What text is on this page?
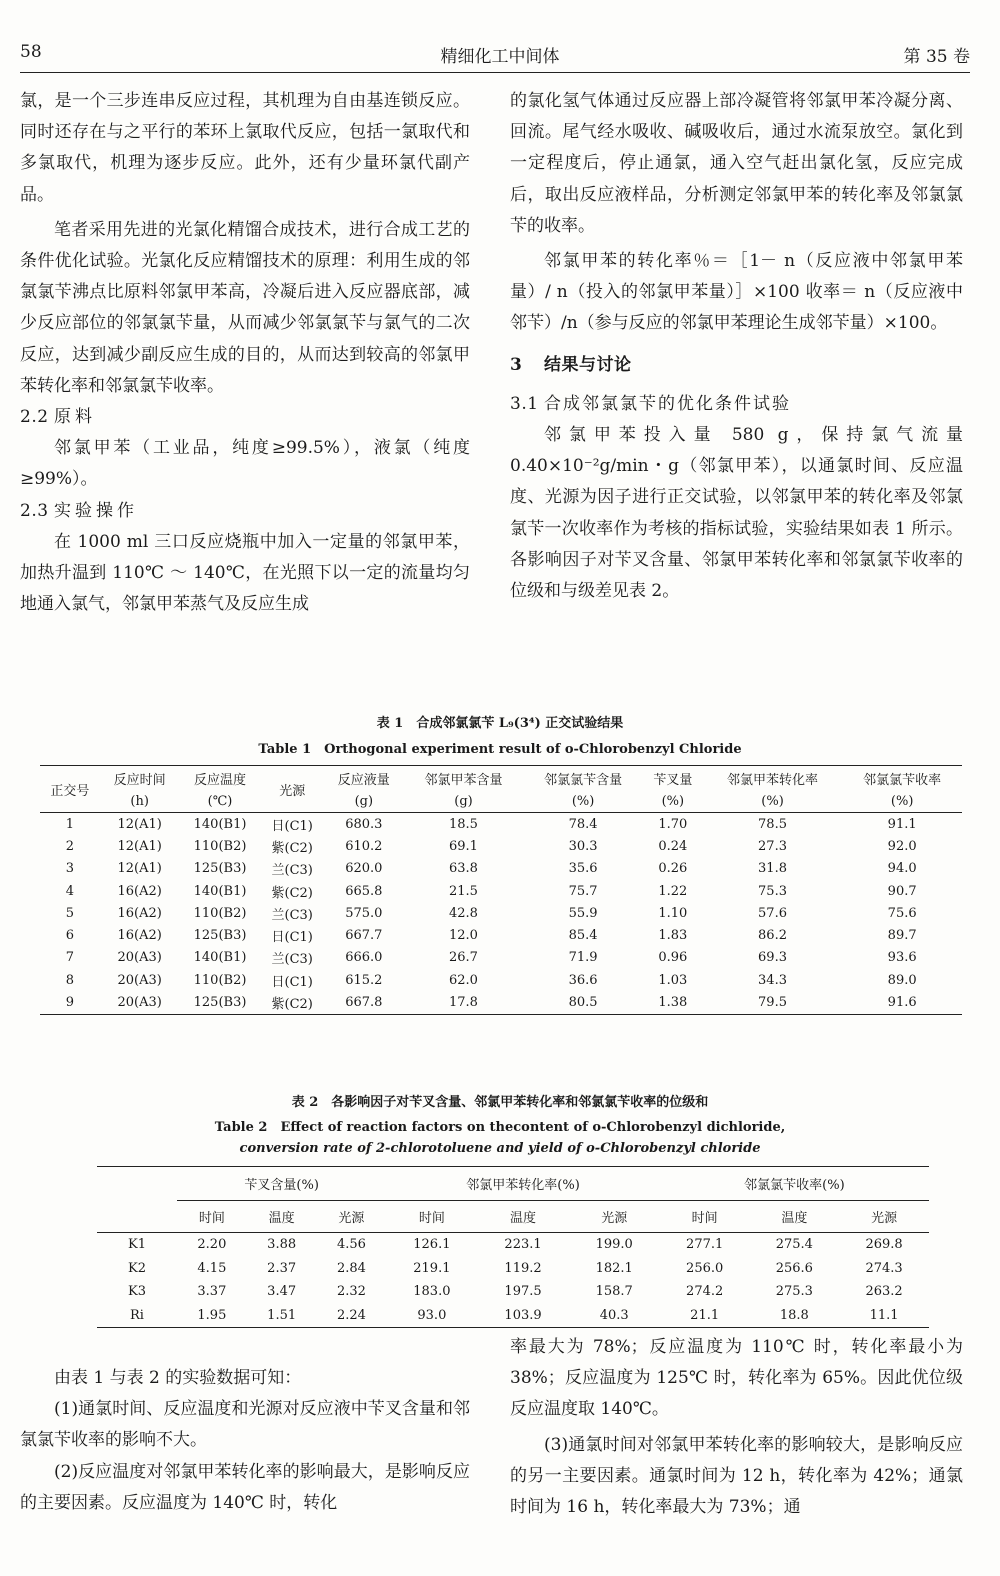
58	精细化工中间体	第 35 卷

氯，是一个三步连串反应过程，其机理为自由基连锁反应。同时还存在与之平行的苯环上氯取代反应，包括一氯取代和多氯取代，机理为逐步反应。此外，还有少量环氯代副产品。

笔者采用先进的光氯化精馏合成技术，进行合成工艺的条件优化试验。光氯化反应精馏技术的原理：利用生成的邻氯氯苄沸点比原料邻氯甲苯高，冷凝后进入反应器底部，减少反应部位的邻氯氯苄量，从而减少邻氯氯苄与氯气的二次反应，达到减少副反应生成的目的，从而达到较高的邻氯甲苯转化率和邻氯氯苄收率。

2.2 原料

邻氯甲苯（工业品，纯度≥99.5%），液氯（纯度≥99%）。

2.3 实验操作

在 1000 ml 三口反应烧瓶中加入一定量的邻氯甲苯，加热升温到 110℃ ～ 140℃，在光照下以一定的流量均匀地通入氯气，邻氯甲苯蒸气及反应生成

的氯化氢气体通过反应器上部冷凝管将邻氯甲苯冷凝分离、回流。尾气经水吸收、碱吸收后，通过水流泵放空。氯化到一定程度后，停止通氯，通入空气赶出氯化氢，反应完成后，取出反应液样品，分析测定邻氯甲苯的转化率及邻氯氯苄的收率。

邻氯甲苯的转化率％＝［1－ n（反应液中邻氯甲苯量）/ n（投入的邻氯甲苯量）］×100 收率＝ n（反应液中邻苄）/n（参与反应的邻氯甲苯理论生成邻苄量）×100。

3 结果与讨论

3.1 合成邻氯氯苄的优化条件试验

邻氯甲苯投入量 580 g，保持氯气流量 0.40×10⁻²g/min・g（邻氯甲苯），以通氯时间、反应温度、光源为因子进行正交试验，以邻氯甲苯的转化率及邻氯氯苄一次收率作为考核的指标试验，实验结果如表 1 所示。各影响因子对苄叉含量、邻氯甲苯转化率和邻氯氯苄收率的位级和与级差见表 2。

表 1　合成邻氯氯苄 L₉(3⁴) 正交试验结果
Table 1　Orthogonal experiment result of o-Chlorobenzyl Chloride
正交号	反应时间	反应温度	光源	反应液量	邻氯甲苯含量	邻氯氯苄含量	苄叉量	邻氯甲苯转化率	邻氯氯苄收率
	(h)	(℃)		(g)	(g)	(%)	(%)	(%)	(%)
1	12(A1)	140(B1)	日(C1)	680.3	18.5	78.4	1.70	78.5	91.1
2	12(A1)	110(B2)	紫(C2)	610.2	69.1	30.3	0.24	27.3	92.0
3	12(A1)	125(B3)	兰(C3)	620.0	63.8	35.6	0.26	31.8	94.0
4	16(A2)	140(B1)	紫(C2)	665.8	21.5	75.7	1.22	75.3	90.7
5	16(A2)	110(B2)	兰(C3)	575.0	42.8	55.9	1.10	57.6	75.6
6	16(A2)	125(B3)	日(C1)	667.7	12.0	85.4	1.83	86.2	89.7
7	20(A3)	140(B1)	兰(C3)	666.0	26.7	71.9	0.96	69.3	93.6
8	20(A3)	110(B2)	日(C1)	615.2	62.0	36.6	1.03	34.3	89.0
9	20(A3)	125(B3)	紫(C2)	667.8	17.8	80.5	1.38	79.5	91.6
表 2　各影响因子对苄叉含量、邻氯甲苯转化率和邻氯氯苄收率的位级和
Table 2　Effect of reaction factors on thecontent of o-Chlorobenzyl dichloride,
conversion rate of 2-chlorotoluene and yield of o-Chlorobenzyl chloride
	苄叉含量(%)			邻氯甲苯转化率(%)			邻氯氯苄收率(%)		
	时间	温度	光源	时间	温度	光源	时间	温度	光源
K1	2.20	3.88	4.56	126.1	223.1	199.0	277.1	275.4	269.8
K2	4.15	2.37	2.84	219.1	119.2	182.1	256.0	256.6	274.3
K3	3.37	3.47	2.32	183.0	197.5	158.7	274.2	275.3	263.2
Ri	1.95	1.51	2.24	93.0	103.9	40.3	21.1	18.8	11.1

由表 1 与表 2 的实验数据可知：

(1)通氯时间、反应温度和光源对反应液中苄叉含量和邻氯氯苄收率的影响不大。

(2)反应温度对邻氯甲苯转化率的影响最大，是影响反应的主要因素。反应温度为 140℃ 时，转化

率最大为 78%；反应温度为 110℃ 时，转化率最小为 38%；反应温度为 125℃ 时，转化率为 65%。因此优位级反应温度取 140℃。

(3)通氯时间对邻氯甲苯转化率的影响较大，是影响反应的另一主要因素。通氯时间为 12 h，转化率为 42%；通氯时间为 16 h，转化率最大为 73%；通
